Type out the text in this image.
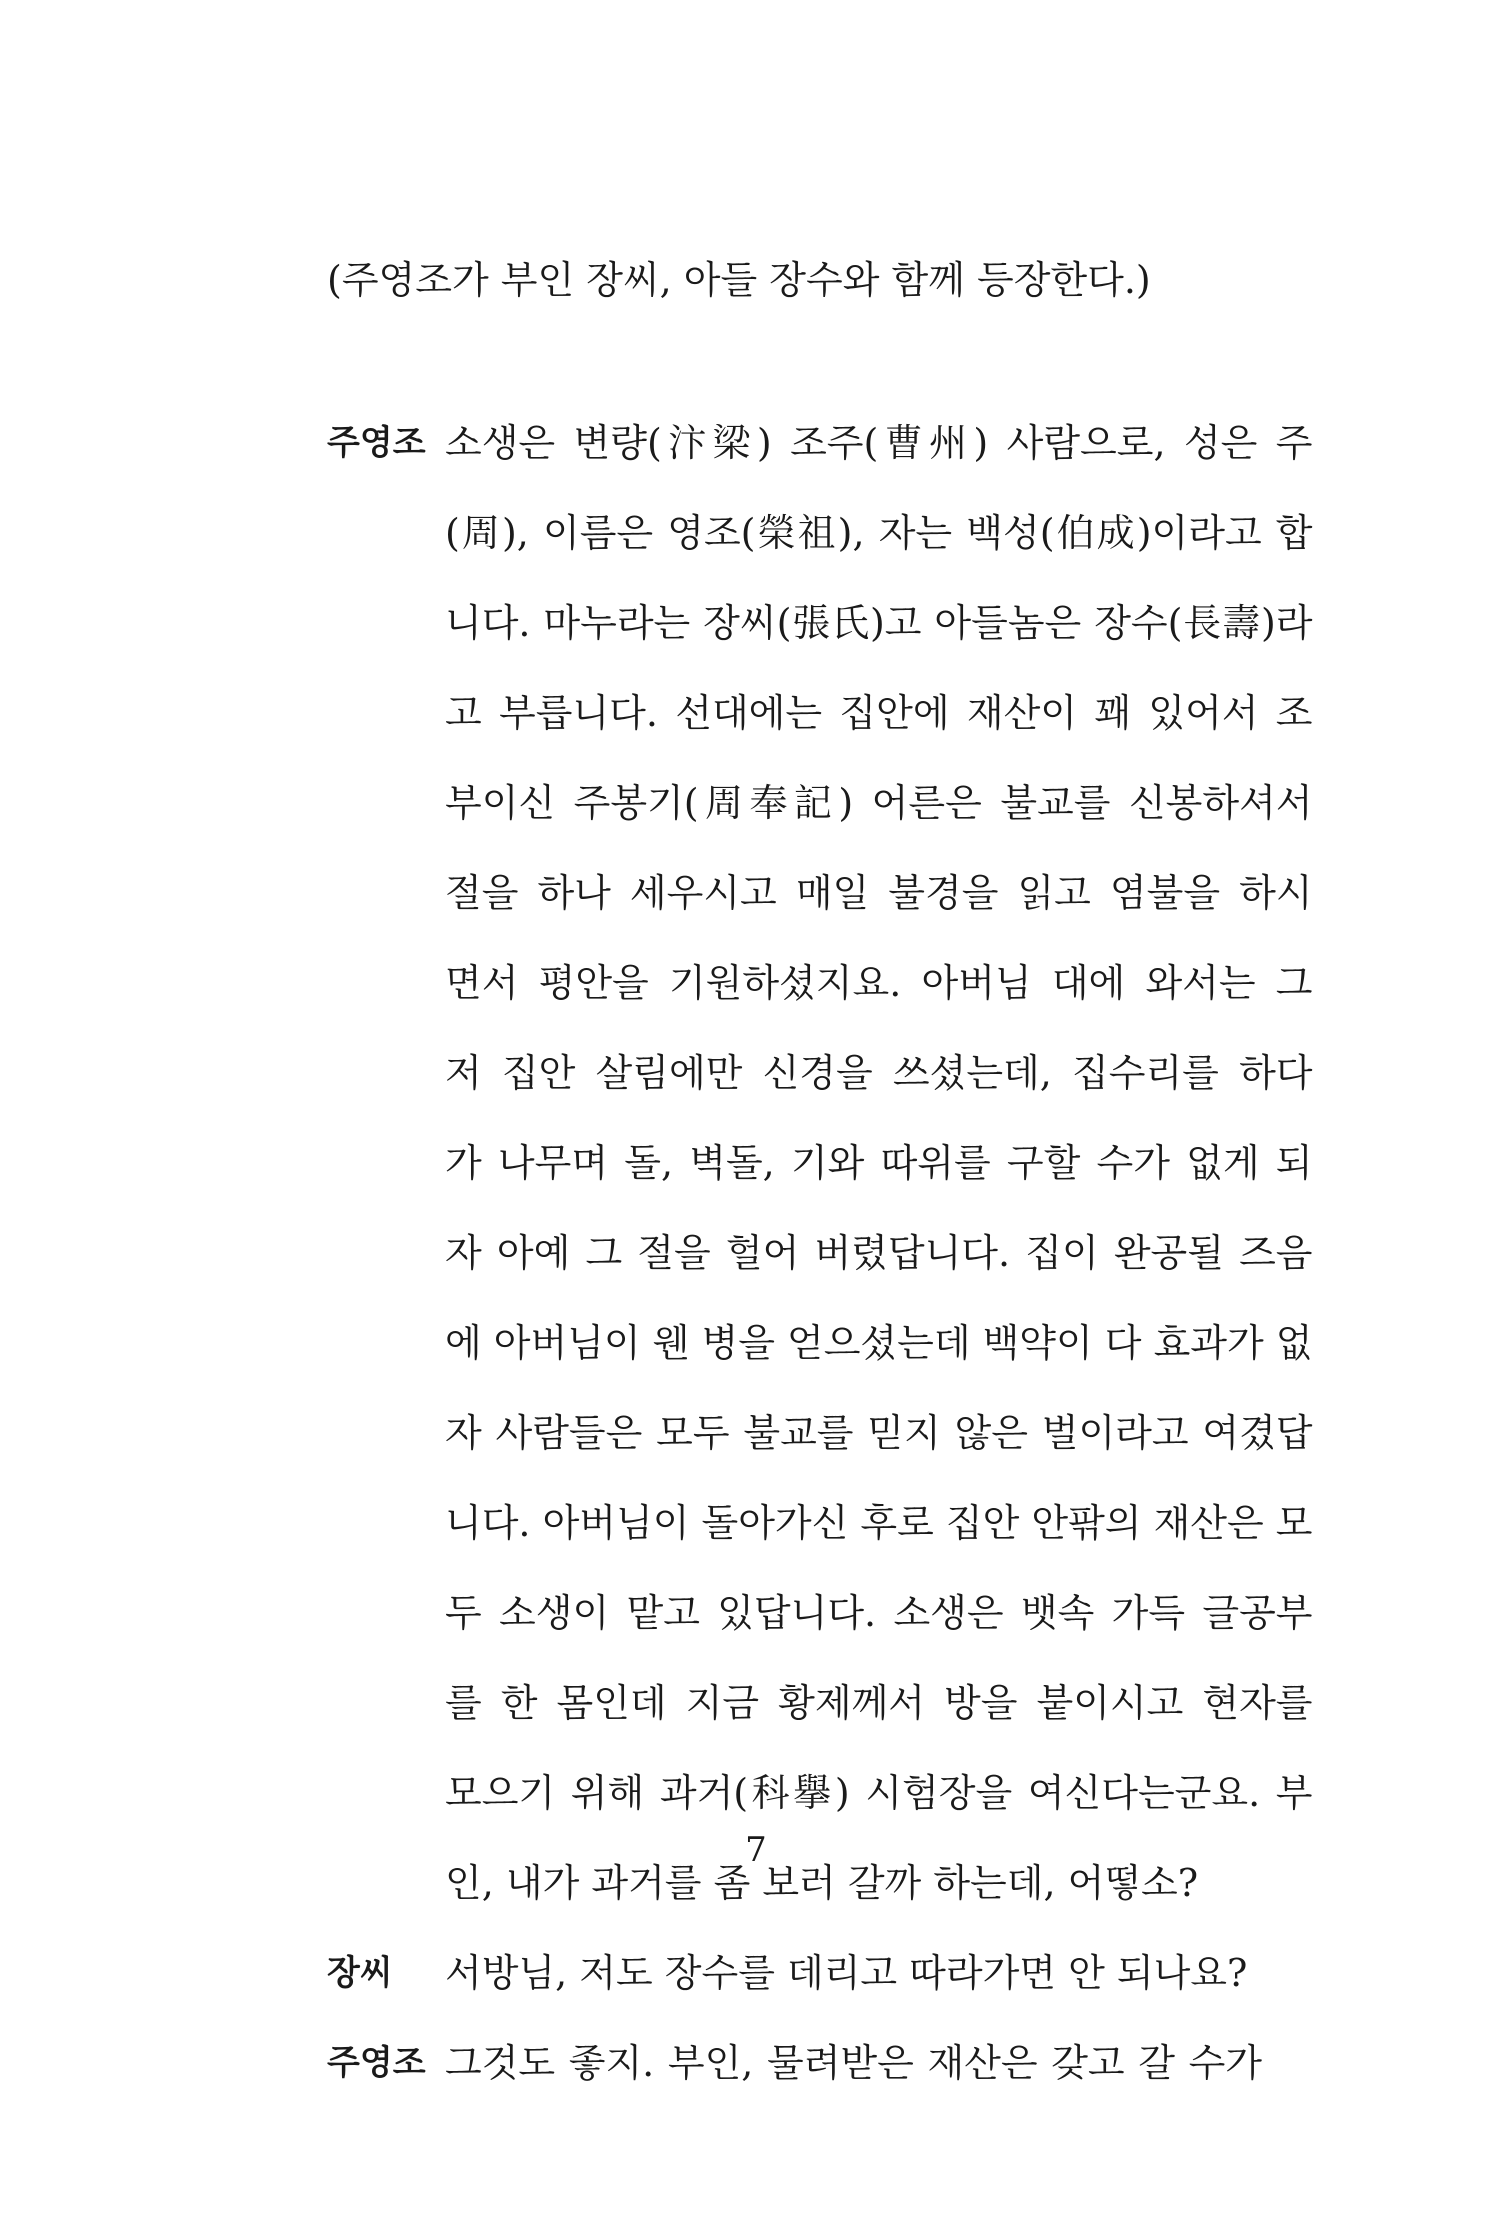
(주영조가 부인 장씨, 아들 장수와 함께 등장한다.)
주영조 소생은 변량(汴梁) 조주(曹州) 사람으로, 성은 주
(周), 이름은 영조(榮祖), 자는 백성(伯成)이라고 합
니다. 마누라는 장씨(張氏)고 아들놈은 장수(長壽)라
고 부릅니다. 선대에는 집안에 재산이 꽤 있어서 조
부이신 주봉기(周奉記) 어른은 불교를 신봉하셔서
절을 하나 세우시고 매일 불경을 읽고 염불을 하시
면서 평안을 기원하셨지요. 아버님 대에 와서는 그
저 집안 살림에만 신경을 쓰셨는데, 집수리를 하다
가 나무며 돌, 벽돌, 기와 따위를 구할 수가 없게 되
자 아예 그 절을 헐어 버렸답니다. 집이 완공될 즈음
에 아버님이 웬 병을 얻으셨는데 백약이 다 효과가 없
자 사람들은 모두 불교를 믿지 않은 벌이라고 여겼답
니다. 아버님이 돌아가신 후로 집안 안팎의 재산은 모
두 소생이 맡고 있답니다. 소생은 뱃속 가득 글공부
를 한 몸인데 지금 황제께서 방을 붙이시고 현자를
모으기 위해 과거(科擧) 시험장을 여신다는군요. 부
인, 내가 과거를 좀 보러 갈까 하는데, 어떻소?
장씨	서방님, 저도 장수를 데리고 따라가면 안 되나요?
주영조 그것도 좋지. 부인, 물려받은 재산은 갖고 갈 수가
7
